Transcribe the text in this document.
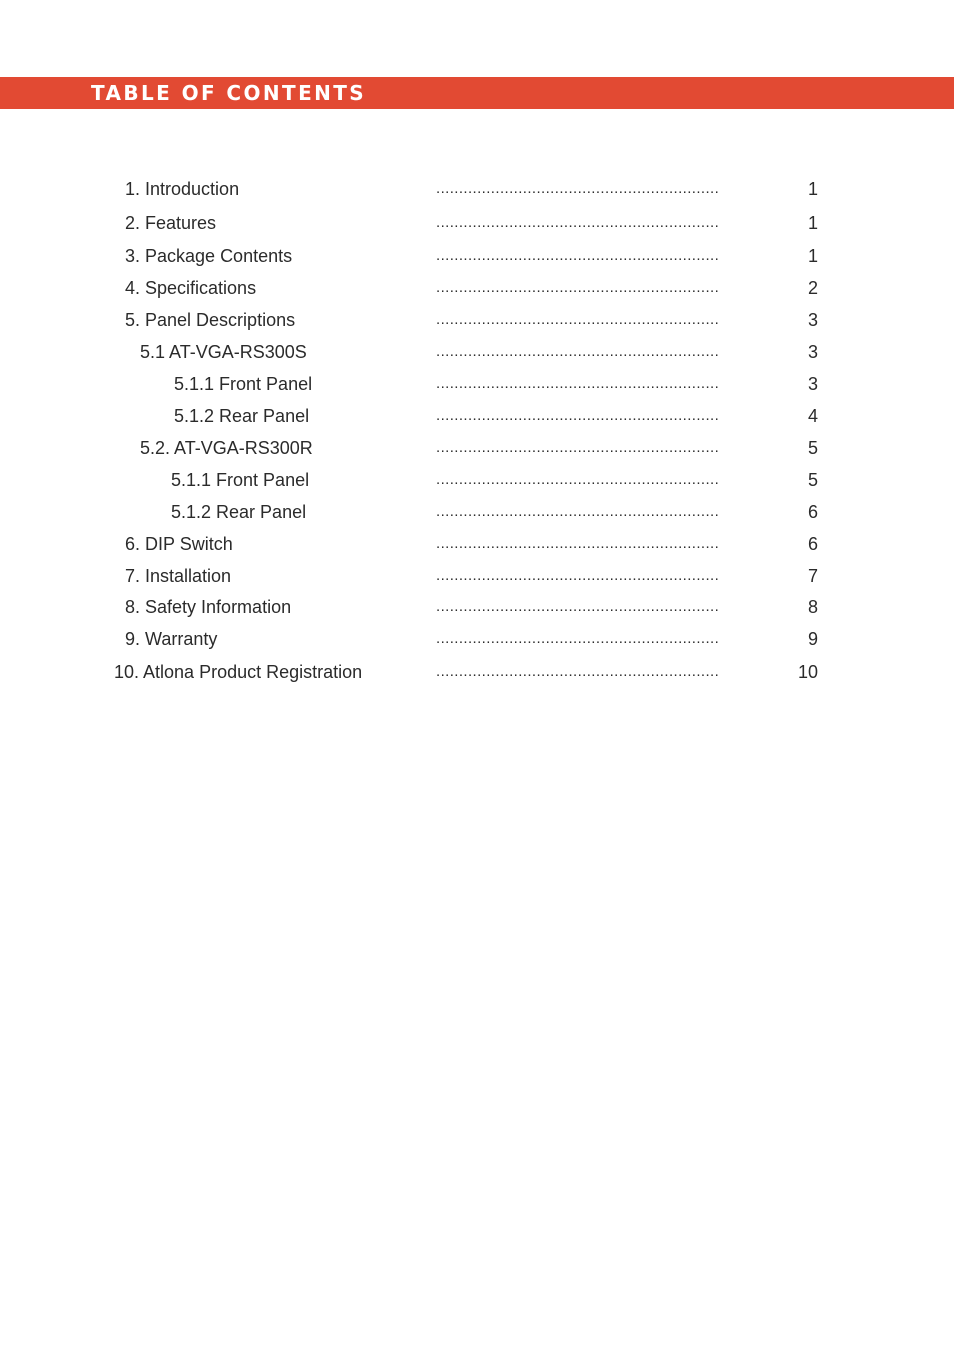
TABLE OF CONTENTS
1. Introduction	..............................................................	1
2. Features	..............................................................	1
3. Package Contents	..............................................................	1
4. Specifications	..............................................................	2
5. Panel Descriptions	..............................................................	3
5.1 AT-VGA-RS300S	..............................................................	3
5.1.1 Front Panel	..............................................................	3
5.1.2 Rear Panel	..............................................................	4
5.2. AT-VGA-RS300R	..............................................................	5
5.1.1 Front Panel	..............................................................	5
5.1.2 Rear Panel	..............................................................	6
6. DIP Switch	..............................................................	6
7. Installation	..............................................................	7
8. Safety Information	..............................................................	8
9. Warranty	..............................................................	9
10. Atlona Product Registration	..............................................................	10
